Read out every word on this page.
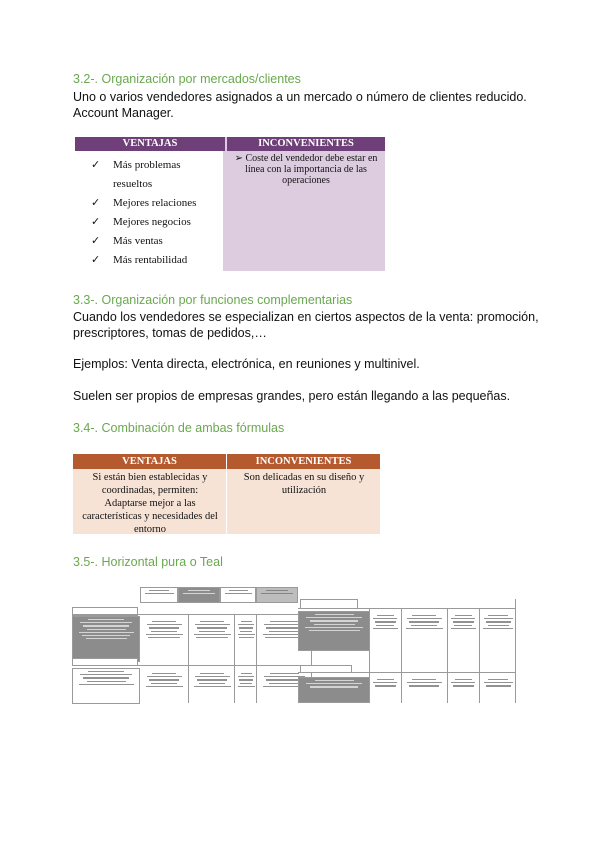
3.2-. Organización por mercados/clientes
Uno o varios vendedores asignados a un mercado o número de clientes reducido.
Account Manager.
VENTAJAS	INCONVENIENTES
✓ Más problemas
resueltos
✓ Mejores relaciones
✓ Mejores negocios
✓ Más ventas
✓ Más rentabilidad
➢ Coste del vendedor debe estar en
línea con la importancia de las
operaciones
3.3-. Organización por funciones complementarias
Cuando los vendedores se especializan en ciertos aspectos de la venta: promoción,
prescriptores, tomas de pedidos,…
Ejemplos: Venta directa, electrónica, en reuniones y multinivel.
Suelen ser propios de empresas grandes, pero están llegando a las pequeñas.
3.4-. Combinación de ambas fórmulas
VENTAJAS	INCONVENIENTES
Si están bien establecidas y
coordinadas, permiten:
Adaptarse mejor a las
características y necesidades del
entorno
Son delicadas en su diseño y
utilización
3.5-. Horizontal pura o Teal
